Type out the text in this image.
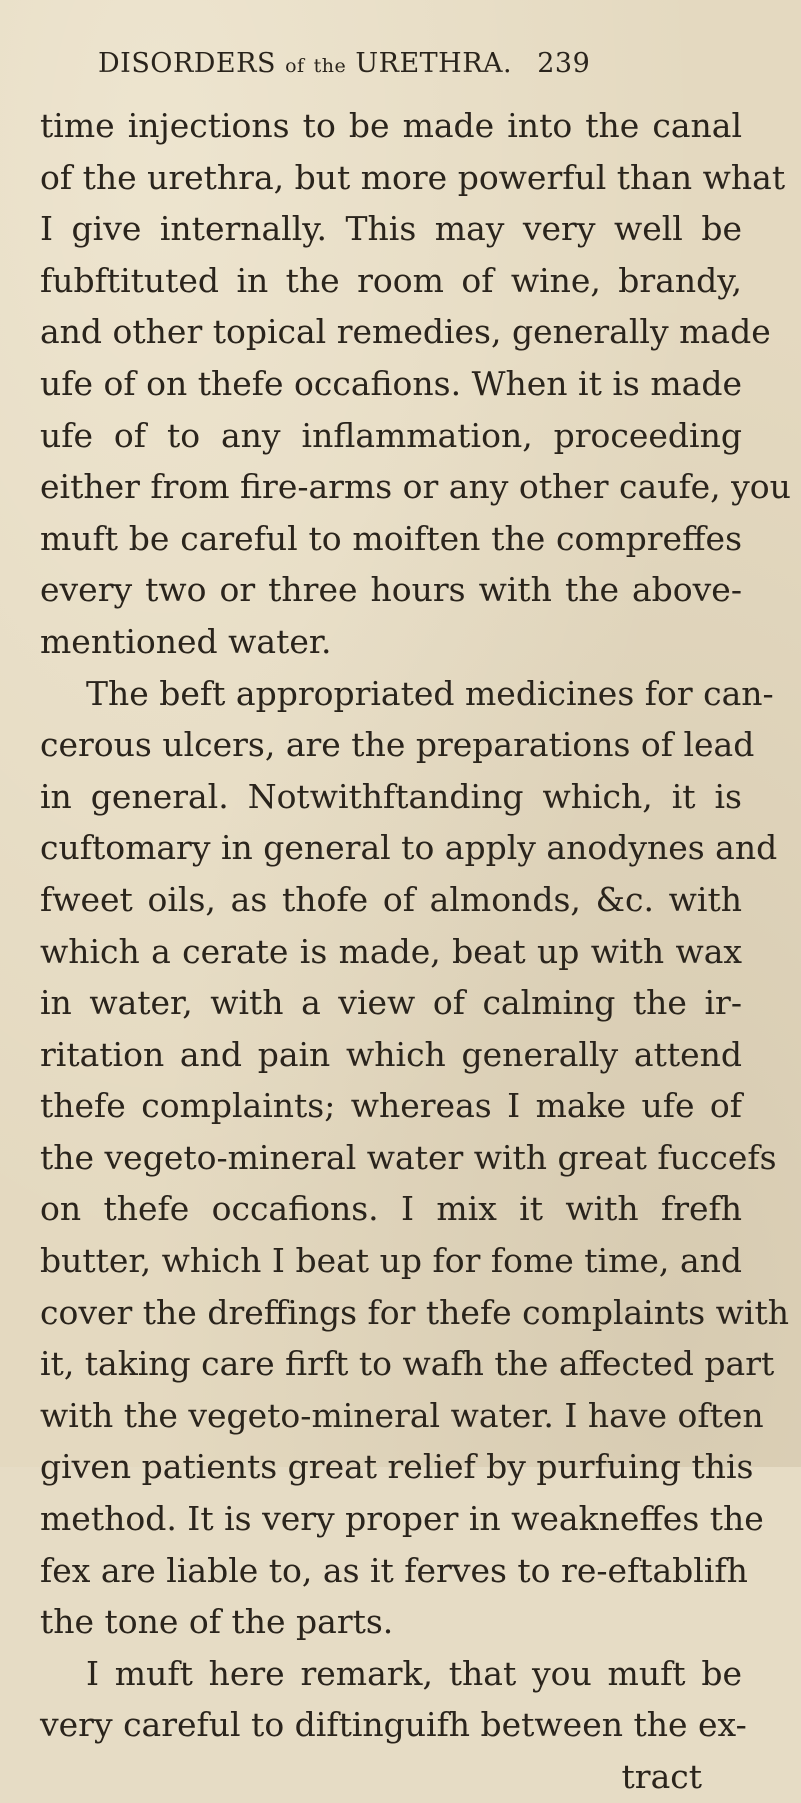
DISORDERS of the URETHRA. 239
time injections to be made into the canal
of the urethra, but more powerful than what
I give internally. This may very well be
fubftituted in the room of wine, brandy,
and other topical remedies, generally made
ufe of on thefe occafions. When it is made
ufe of to any inflammation, proceeding
either from fire-arms or any other caufe, you
muft be careful to moiften the compreffes
every two or three hours with the above-
mentioned water.
The beft appropriated medicines for can-
cerous ulcers, are the preparations of lead
in general. Notwithftanding which, it is
cuftomary in general to apply anodynes and
fweet oils, as thofe of almonds, &c. with
which a cerate is made, beat up with wax
in water, with a view of calming the ir-
ritation and pain which generally attend
thefe complaints; whereas I make ufe of
the vegeto-mineral water with great fuccefs
on thefe occafions. I mix it with frefh
butter, which I beat up for fome time, and
cover the dreffings for thefe complaints with
it, taking care firft to wafh the affected part
with the vegeto-mineral water. I have often
given patients great relief by purfuing this
method. It is very proper in weakneffes the
fex are liable to, as it ferves to re-eftablifh
the tone of the parts.
I muft here remark, that you muft be
very careful to diftinguifh between the ex-
tract
